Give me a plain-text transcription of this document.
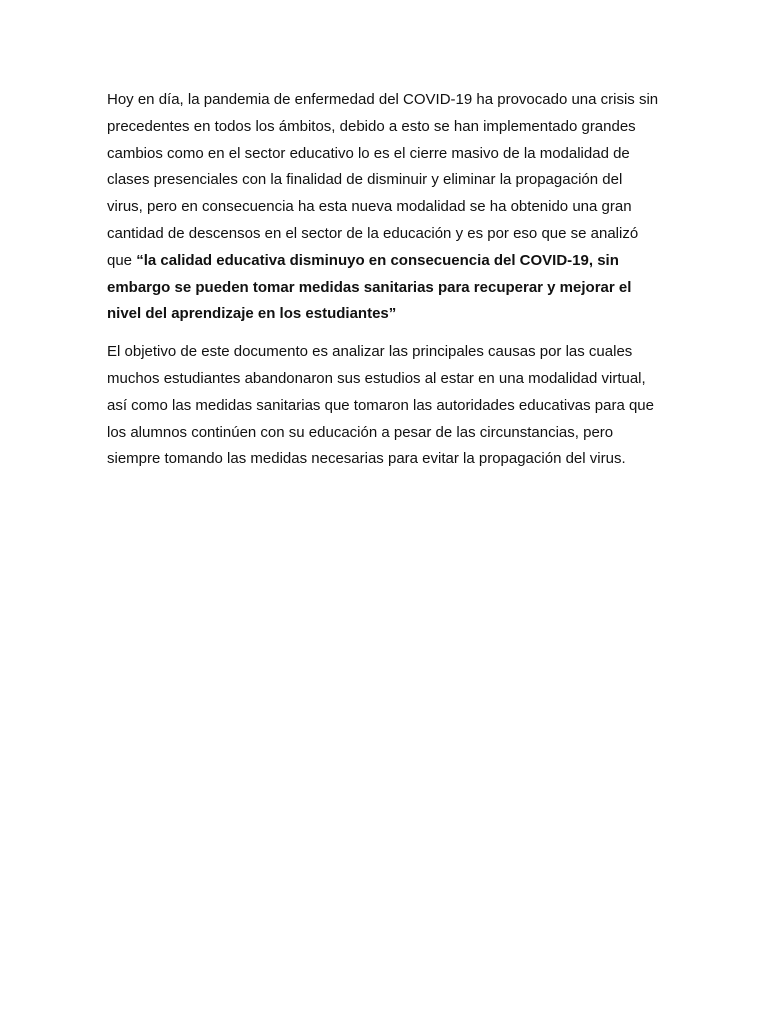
Hoy en día, la pandemia de enfermedad del COVID-19 ha provocado una crisis sin
precedentes en todos los ámbitos, debido a esto se han implementado grandes
cambios como en el sector educativo lo es el cierre masivo de la modalidad de
clases presenciales con la finalidad de disminuir y eliminar la propagación del
virus, pero en consecuencia ha esta nueva modalidad se ha obtenido una gran
cantidad de descensos en el sector de la educación y es por eso que se analizó
que “la calidad educativa disminuyo en consecuencia del COVID-19, sin
embargo se pueden tomar medidas sanitarias para recuperar y mejorar el
nivel del aprendizaje en los estudiantes”

El objetivo de este documento es analizar las principales causas por las cuales
muchos estudiantes abandonaron sus estudios al estar en una modalidad virtual,
así como las medidas sanitarias que tomaron las autoridades educativas para que
los alumnos continúen con su educación a pesar de las circunstancias, pero
siempre tomando las medidas necesarias para evitar la propagación del virus.
